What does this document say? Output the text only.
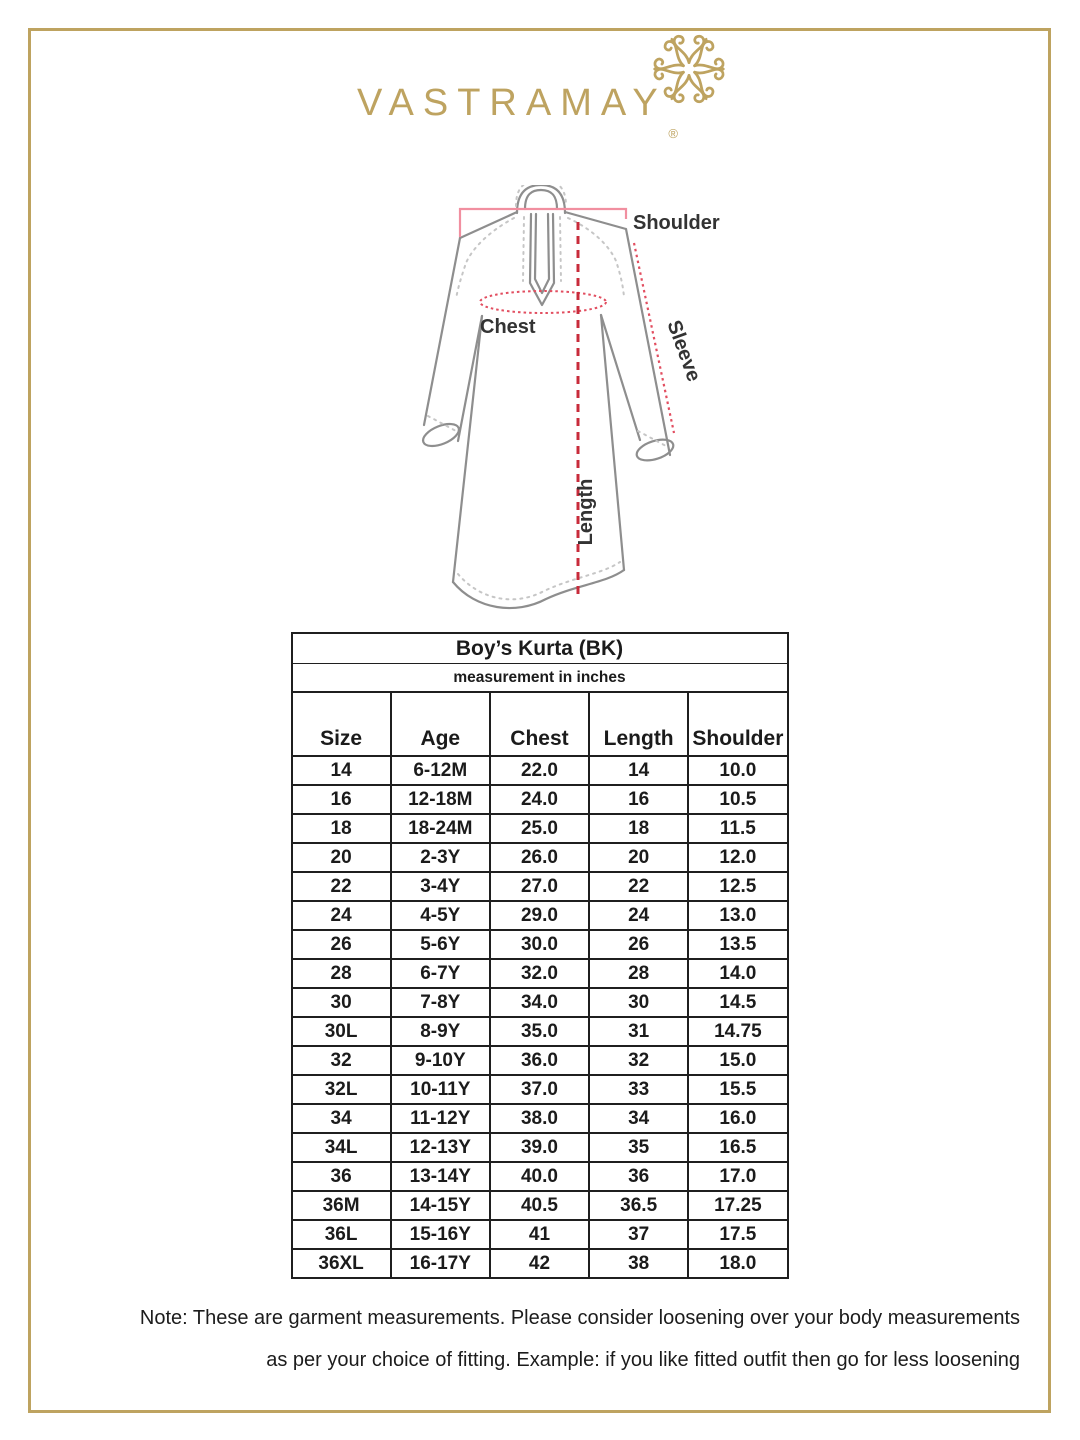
VASTRAMAY
®
Shoulder
Chest	Sleeve
Length
Boy’s Kurta (BK)				
measurement in inches				
Size	Age	Chest	Length	Shoulder
14	6-12M	22.0	14	10.0
16	12-18M	24.0	16	10.5
18	18-24M	25.0	18	11.5
20	2-3Y	26.0	20	12.0
22	3-4Y	27.0	22	12.5
24	4-5Y	29.0	24	13.0
26	5-6Y	30.0	26	13.5
28	6-7Y	32.0	28	14.0
30	7-8Y	34.0	30	14.5
30L	8-9Y	35.0	31	14.75
32	9-10Y	36.0	32	15.0
32L	10-11Y	37.0	33	15.5
34	11-12Y	38.0	34	16.0
34L	12-13Y	39.0	35	16.5
36	13-14Y	40.0	36	17.0
36M	14-15Y	40.5	36.5	17.25
36L	15-16Y	41	37	17.5
36XL	16-17Y	42	38	18.0
Note: These are garment measurements. Please consider loosening over your body measurements
as per your choice of fitting. Example: if you like fitted outfit then go for less loosening
